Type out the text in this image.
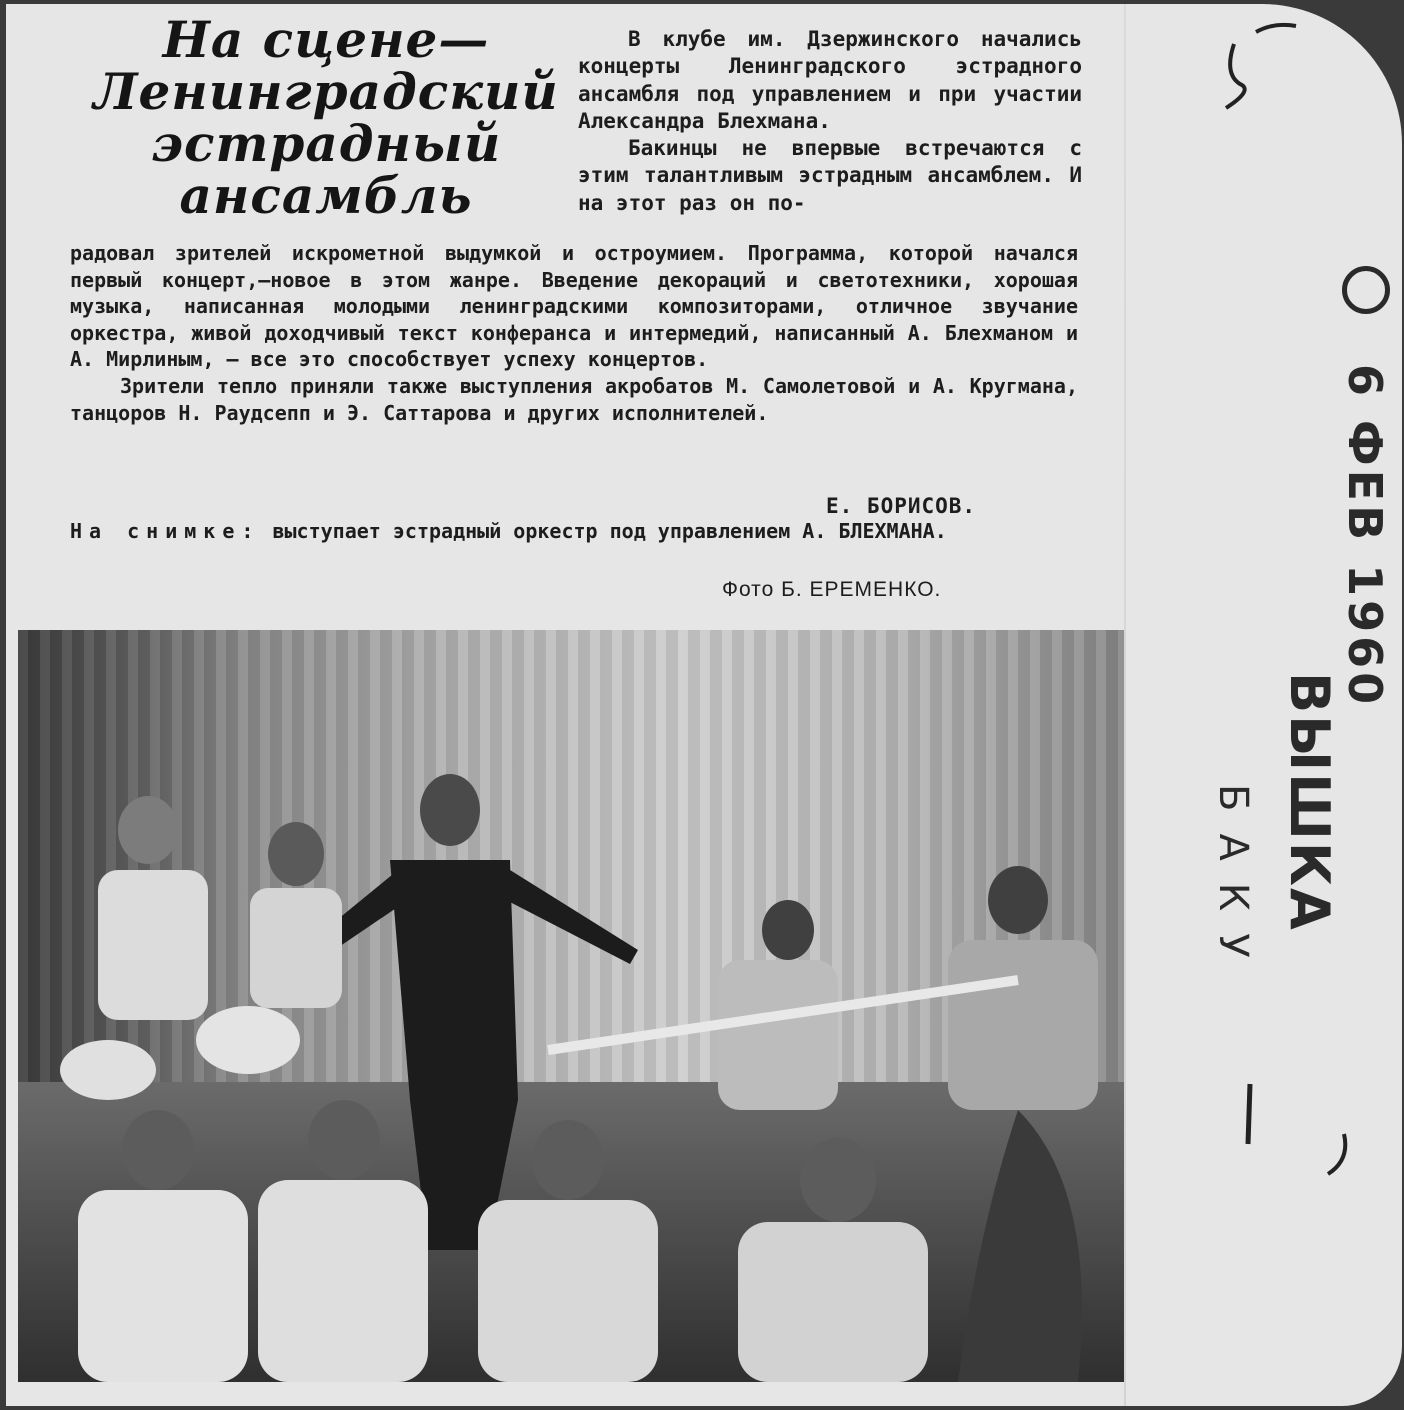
На сцене—
Ленинградский
эстрадный
ансамбль

В клубе им. Дзержинского начались концерты Ленинградского эстрадного ансамбля под управлением и при участии Александра Блехмана.

Бакинцы не впервые встречаются с этим талантливым эстрадным ансамблем. И на этот раз он по-

радовал зрителей искрометной выдумкой и остроумием. Программа, которой начался первый концерт,—новое в этом жанре. Введение декораций и светотехники, хорошая музыка, написанная молодыми ленинградскими композиторами, отличное звучание оркестра, живой доходчивый текст конферанса и интермедий, написанный А. Блехманом и А. Мирлиным, — все это способствует успеху концертов.

Зрители тепло приняли также выступления акробатов М. Самолетовой и А. Кругмана, танцоров Н. Раудсепп и Э. Саттарова и других исполнителей.

Е. БОРИСОВ.
На снимке: выступает эстрадный оркестр под управлением А. БЛЕХМАНА.
Фото Б. ЕРЕМЕНКО.	6 ФЕВ 1960
ВЫШКА
БАКУ
